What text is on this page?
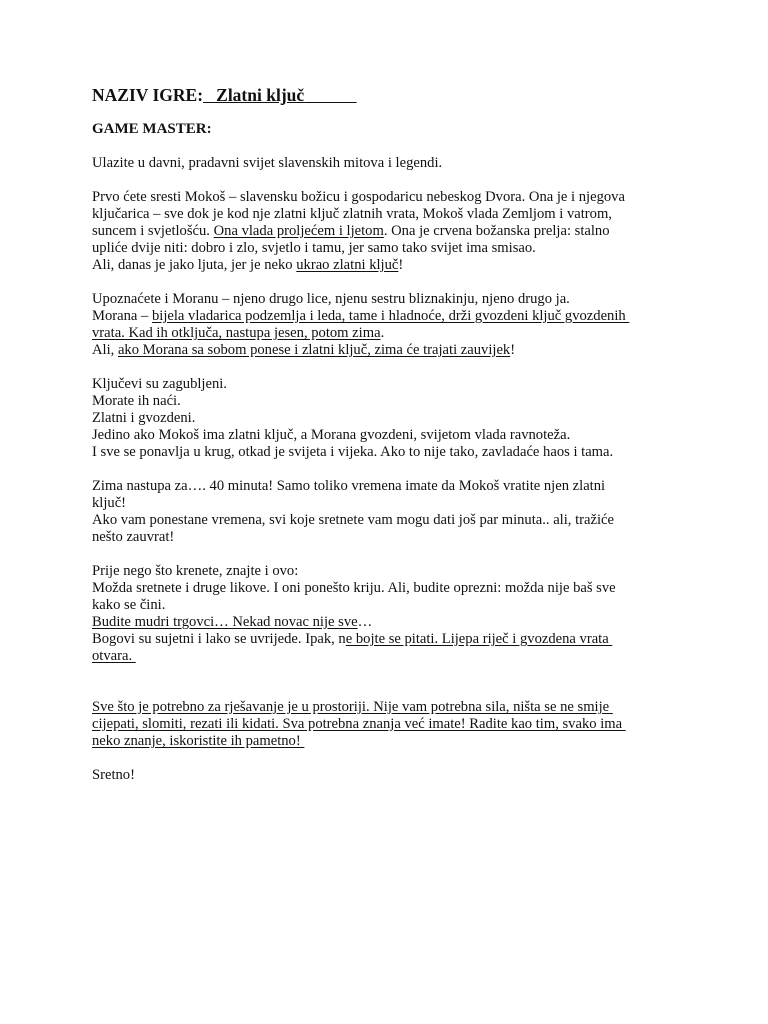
NAZIV IGRE:   Zlatni ključ
GAME MASTER:

Ulazite u davni, pradavni svijet slavenskih mitova i legendi.

Prvo ćete sresti Mokoš – slavensku božicu i gospodaricu nebeskog Dvora. Ona je i njegova
ključarica – sve dok je kod nje zlatni ključ zlatnih vrata, Mokoš vlada Zemljom i vatrom,
suncem i svjetlošću. Ona vlada proljećem i ljetom. Ona je crvena božanska prelja: stalno
upliće dvije niti: dobro i zlo, svjetlo i tamu, jer samo tako svijet ima smisao.
Ali, danas je jako ljuta, jer je neko ukrao zlatni ključ!

Upoznaćete i Moranu – njeno drugo lice, njenu sestru bliznakinju, njeno drugo ja.
Morana – bijela vladarica podzemlja i leda, tame i hladnoće, drži gvozdeni ključ gvozdenih
vrata. Kad ih otključa, nastupa jesen, potom zima.
Ali, ako Morana sa sobom ponese i zlatni ključ, zima će trajati zauvijek!

Ključevi su zagubljeni.
Morate ih naći.
Zlatni i gvozdeni.
Jedino ako Mokoš ima zlatni ključ, a Morana gvozdeni, svijetom vlada ravnoteža.
I sve se ponavlja u krug, otkad je svijeta i vijeka. Ako to nije tako, zavladaće haos i tama.

Zima nastupa za…. 40 minuta! Samo toliko vremena imate da Mokoš vratite njen zlatni
ključ!
Ako vam ponestane vremena, svi koje sretnete vam mogu dati još par minuta.. ali, tražiće
nešto zauvrat!

Prije nego što krenete, znajte i ovo:
Možda sretnete i druge likove. I oni ponešto kriju. Ali, budite oprezni: možda nije baš sve
kako se čini.
Budite mudri trgovci… Nekad novac nije sve…
Bogovi su sujetni i lako se uvrijede. Ipak, ne bojte se pitati. Lijepa riječ i gvozdena vrata
otvara.

Sve što je potrebno za rješavanje je u prostoriji. Nije vam potrebna sila, ništa se ne smije
cijepati, slomiti, rezati ili kidati. Sva potrebna znanja već imate! Radite kao tim, svako ima
neko znanje, iskoristite ih pametno!

Sretno!
